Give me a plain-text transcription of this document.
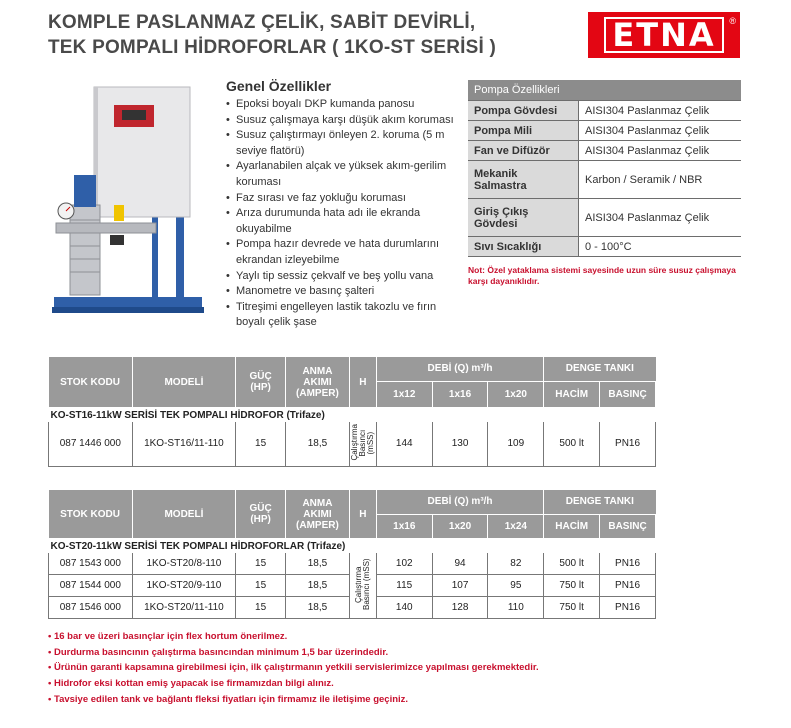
KOMPLE PASLANMAZ ÇELİK, SABİT DEVİRLİ,
TEK POMPALI HİDROFORLAR ( 1KO-ST SERİSİ )	ETNA ®
Genel Özellikler
• Epoksi boyalı DKP kumanda panosu
• Susuz çalışmaya karşı düşük akım koruması
• Susuz çalıştırmayı önleyen 2. koruma (5 m seviye flatörü)
• Ayarlanabilen alçak ve yüksek akım-gerilim koruması
• Faz sırası ve faz yokluğu koruması
• Arıza durumunda hata adı ile ekranda okuyabilme
• Pompa hazır devrede ve hata durumlarını ekrandan izleyebilme
• Yaylı tip sessiz çekvalf ve beş yollu vana
• Manometre ve basınç şalteri
• Titreşimi engelleyen lastik takozlu ve fırın boyalı çelik şase
Pompa Özellikleri	
Pompa Gövdesi	AISI304 Paslanmaz Çelik
Pompa Mili	AISI304 Paslanmaz Çelik
Fan ve Difüzör	AISI304 Paslanmaz Çelik
Mekanik Salmastra	Karbon / Seramik / NBR
Giriş Çıkış Gövdesi	AISI304 Paslanmaz Çelik
Sıvı Sıcaklığı	0 - 100°C
Not: Özel yataklama sistemi sayesinde uzun süre susuz çalışmaya karşı dayanıklıdır.
STOK KODU	MODELİ	GÜÇ
(HP)	ANMA
AKIMI
(AMPER)	H	DEBİ (Q) m³/h			DENGE TANKI	
					1x12	1x16	1x20	HACİM	BASINÇ
KO-ST16-11kW SERİSİ TEK POMPALI HİDROFOR (Trifaze)									
087 1446 000	1KO-ST16/11-110	15	18,5	Çalıştırma Basıncı (mSS)	144	130	109	500 lt	PN16
STOK KODU	MODELİ	GÜÇ
(HP)	ANMA
AKIMI
(AMPER)	H	DEBİ (Q) m³/h			DENGE TANKI	
					1x16	1x20	1x24	HACİM	BASINÇ
KO-ST20-11kW SERİSİ TEK POMPALI HİDROFORLAR (Trifaze)									
087 1543 000	1KO-ST20/8-110	15	18,5	Çalıştırma Basıncı (mSS)	102	94	82	500 lt	PN16
087 1544 000	1KO-ST20/9-110	15	18,5		115	107	95	750 lt	PN16
087 1546 000	1KO-ST20/11-110	15	18,5		140	128	110	750 lt	PN16
• 16 bar ve üzeri basınçlar için flex hortum önerilmez.
• Durdurma basıncının çalıştırma basıncından minimum 1,5 bar üzerindedir.
• Ürünün garanti kapsamına girebilmesi için, ilk çalıştırmanın yetkili servislerimizce yapılması gerekmektedir.
• Hidrofor eksi kottan emiş yapacak ise firmamızdan bilgi alınız.
• Tavsiye edilen tank ve bağlantı fleksi fiyatları için firmamız ile iletişime geçiniz.
